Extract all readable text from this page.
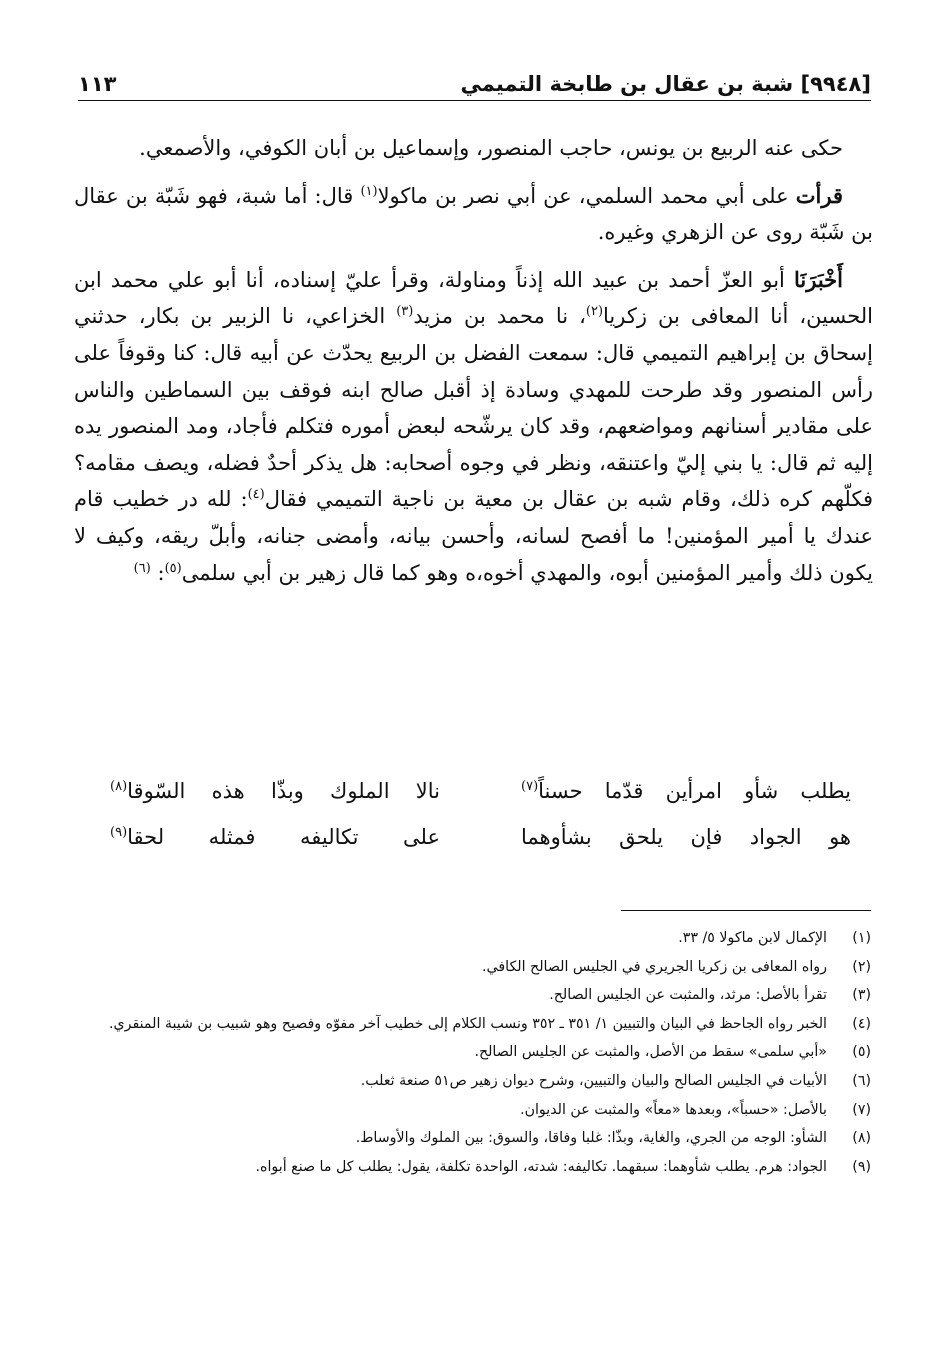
[٩٩٤٨] شبة بن عقال بن طابخة التميمي
١١٣

حكى عنه الربيع بن يونس، حاجب المنصور، وإسماعيل بن أبان الكوفي، والأصمعي.

قرأت على أبي محمد السلمي، عن أبي نصر بن ماكولا$^{(١)}$ قال: أما شبة، فهو شَبّة بن عقال بن شَبّة روى عن الزهري وغيره.

أَخْبَرَنَا أبو العزّ أحمد بن عبيد الله إذناً ومناولة، وقرأ عليّ إسناده، أنا أبو علي محمد ابن الحسين، أنا المعافى بن زكريا$^{(٢)}$، نا محمد بن مزيد$^{(٣)}$ الخزاعي، نا الزبير بن بكار، حدثني إسحاق بن إبراهيم التميمي قال: سمعت الفضل بن الربيع يحدّث عن أبيه قال: كنا وقوفاً على رأس المنصور وقد طرحت للمهدي وسادة إذ أقبل صالح ابنه فوقف بين السماطين والناس على مقادير أسنانهم ومواضعهم، وقد كان يرشّحه لبعض أموره فتكلم فأجاد، ومد المنصور يده إليه ثم قال: يا بني إليّ واعتنقه، ونظر في وجوه أصحابه: هل يذكر أحدٌ فضله، ويصف مقامه؟ فكلّهم كره ذلك، وقام شبه بن عقال بن معية بن ناجية التميمي فقال$^{(٤)}$: لله در خطيب قام عندك يا أمير المؤمنين! ما أفصح لسانه، وأحسن بيانه، وأمضى جنانه، وأبلّ ريقه، وكيف لا يكون ذلك وأمير المؤمنين أبوه، والمهدي أخوه،ه وهو كما قال زهير بن أبي سلمى$^{(٥)}$: $^{(٦)}$

يطلب شأو امرأين قدّما حسناً$^{(٧)}$
نالا الملوك وبذّا هذه السّوقا$^{(٨)}$
هو الجواد فإن يلحق بشأوهما
على تكاليفه فمثله لحقا$^{(٩)}$
(١)
الإكمال لابن ماكولا ٥/ ٣٣.
(٢)
رواه المعافى بن زكريا الجريري في الجليس الصالح الكافي.
(٣)
تقرأ بالأصل: مرثد، والمثبت عن الجليس الصالح.
(٤)
الخبر رواه الجاحظ في البيان والتبيين ١/ ٣٥١ ـ ٣٥٢ ونسب الكلام إلى خطيب آخر مفوّه وفصيح وهو شبيب بن شيبة المنقري.
(٥)
«أبي سلمى» سقط من الأصل، والمثبت عن الجليس الصالح.
(٦)
الأبيات في الجليس الصالح والبيان والتبيين، وشرح ديوان زهير ص٥١ صنعة ثعلب.
(٧)
بالأصل: «حسباً»، وبعدها «معاً» والمثبت عن الديوان.
(٨)
الشأو: الوجه من الجري، والغاية، وبذّا: غلبا وفاقا، والسوق: بين الملوك والأوساط.
(٩)
الجواد: هرم. يطلب شأوهما: سبقهما. تكاليفه: شدته، الواحدة تكلفة، يقول: يطلب كل ما صنع أبواه.
